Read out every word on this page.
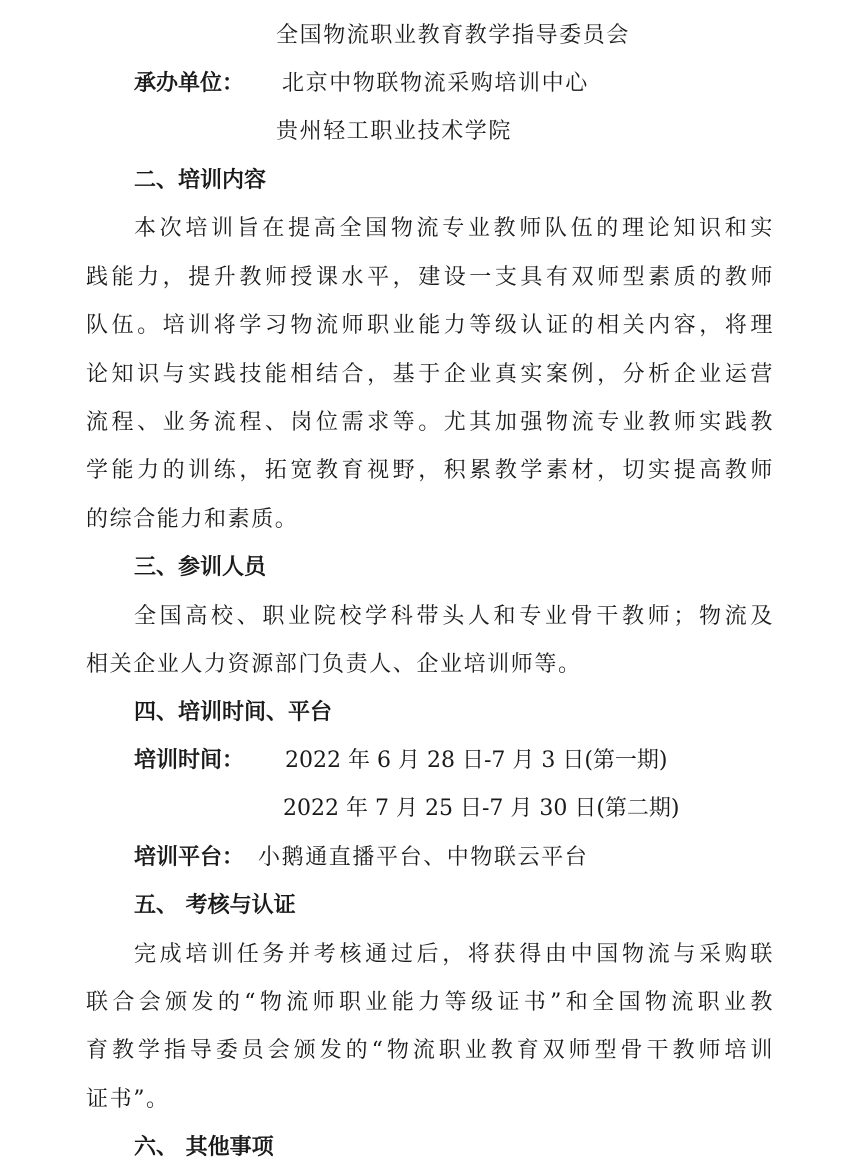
全国物流职业教育教学指导委员会
承办单位： 北京中物联物流采购培训中心
贵州轻工职业技术学院
二、培训内容
本次培训旨在提高全国物流专业教师队伍的理论知识和实
践能力，提升教师授课水平，建设一支具有双师型素质的教师
队伍。培训将学习物流师职业能力等级认证的相关内容，将理
论知识与实践技能相结合，基于企业真实案例，分析企业运营
流程、业务流程、岗位需求等。尤其加强物流专业教师实践教
学能力的训练，拓宽教育视野，积累教学素材，切实提高教师
的综合能力和素质。
三、参训人员
全国高校、职业院校学科带头人和专业骨干教师；物流及
相关企业人力资源部门负责人、企业培训师等。
四、培训时间、平台
培训时间： 2022 年 6 月 28 日-7 月 3 日(第一期)
2022 年 7 月 25 日-7 月 30 日(第二期)
培训平台： 小鹅通直播平台、中物联云平台
五、 考核与认证
完成培训任务并考核通过后，将获得由中国物流与采购联
联合会颁发的“物流师职业能力等级证书”和全国物流职业教
育教学指导委员会颁发的“物流职业教育双师型骨干教师培训
证书”。
六、 其他事项
